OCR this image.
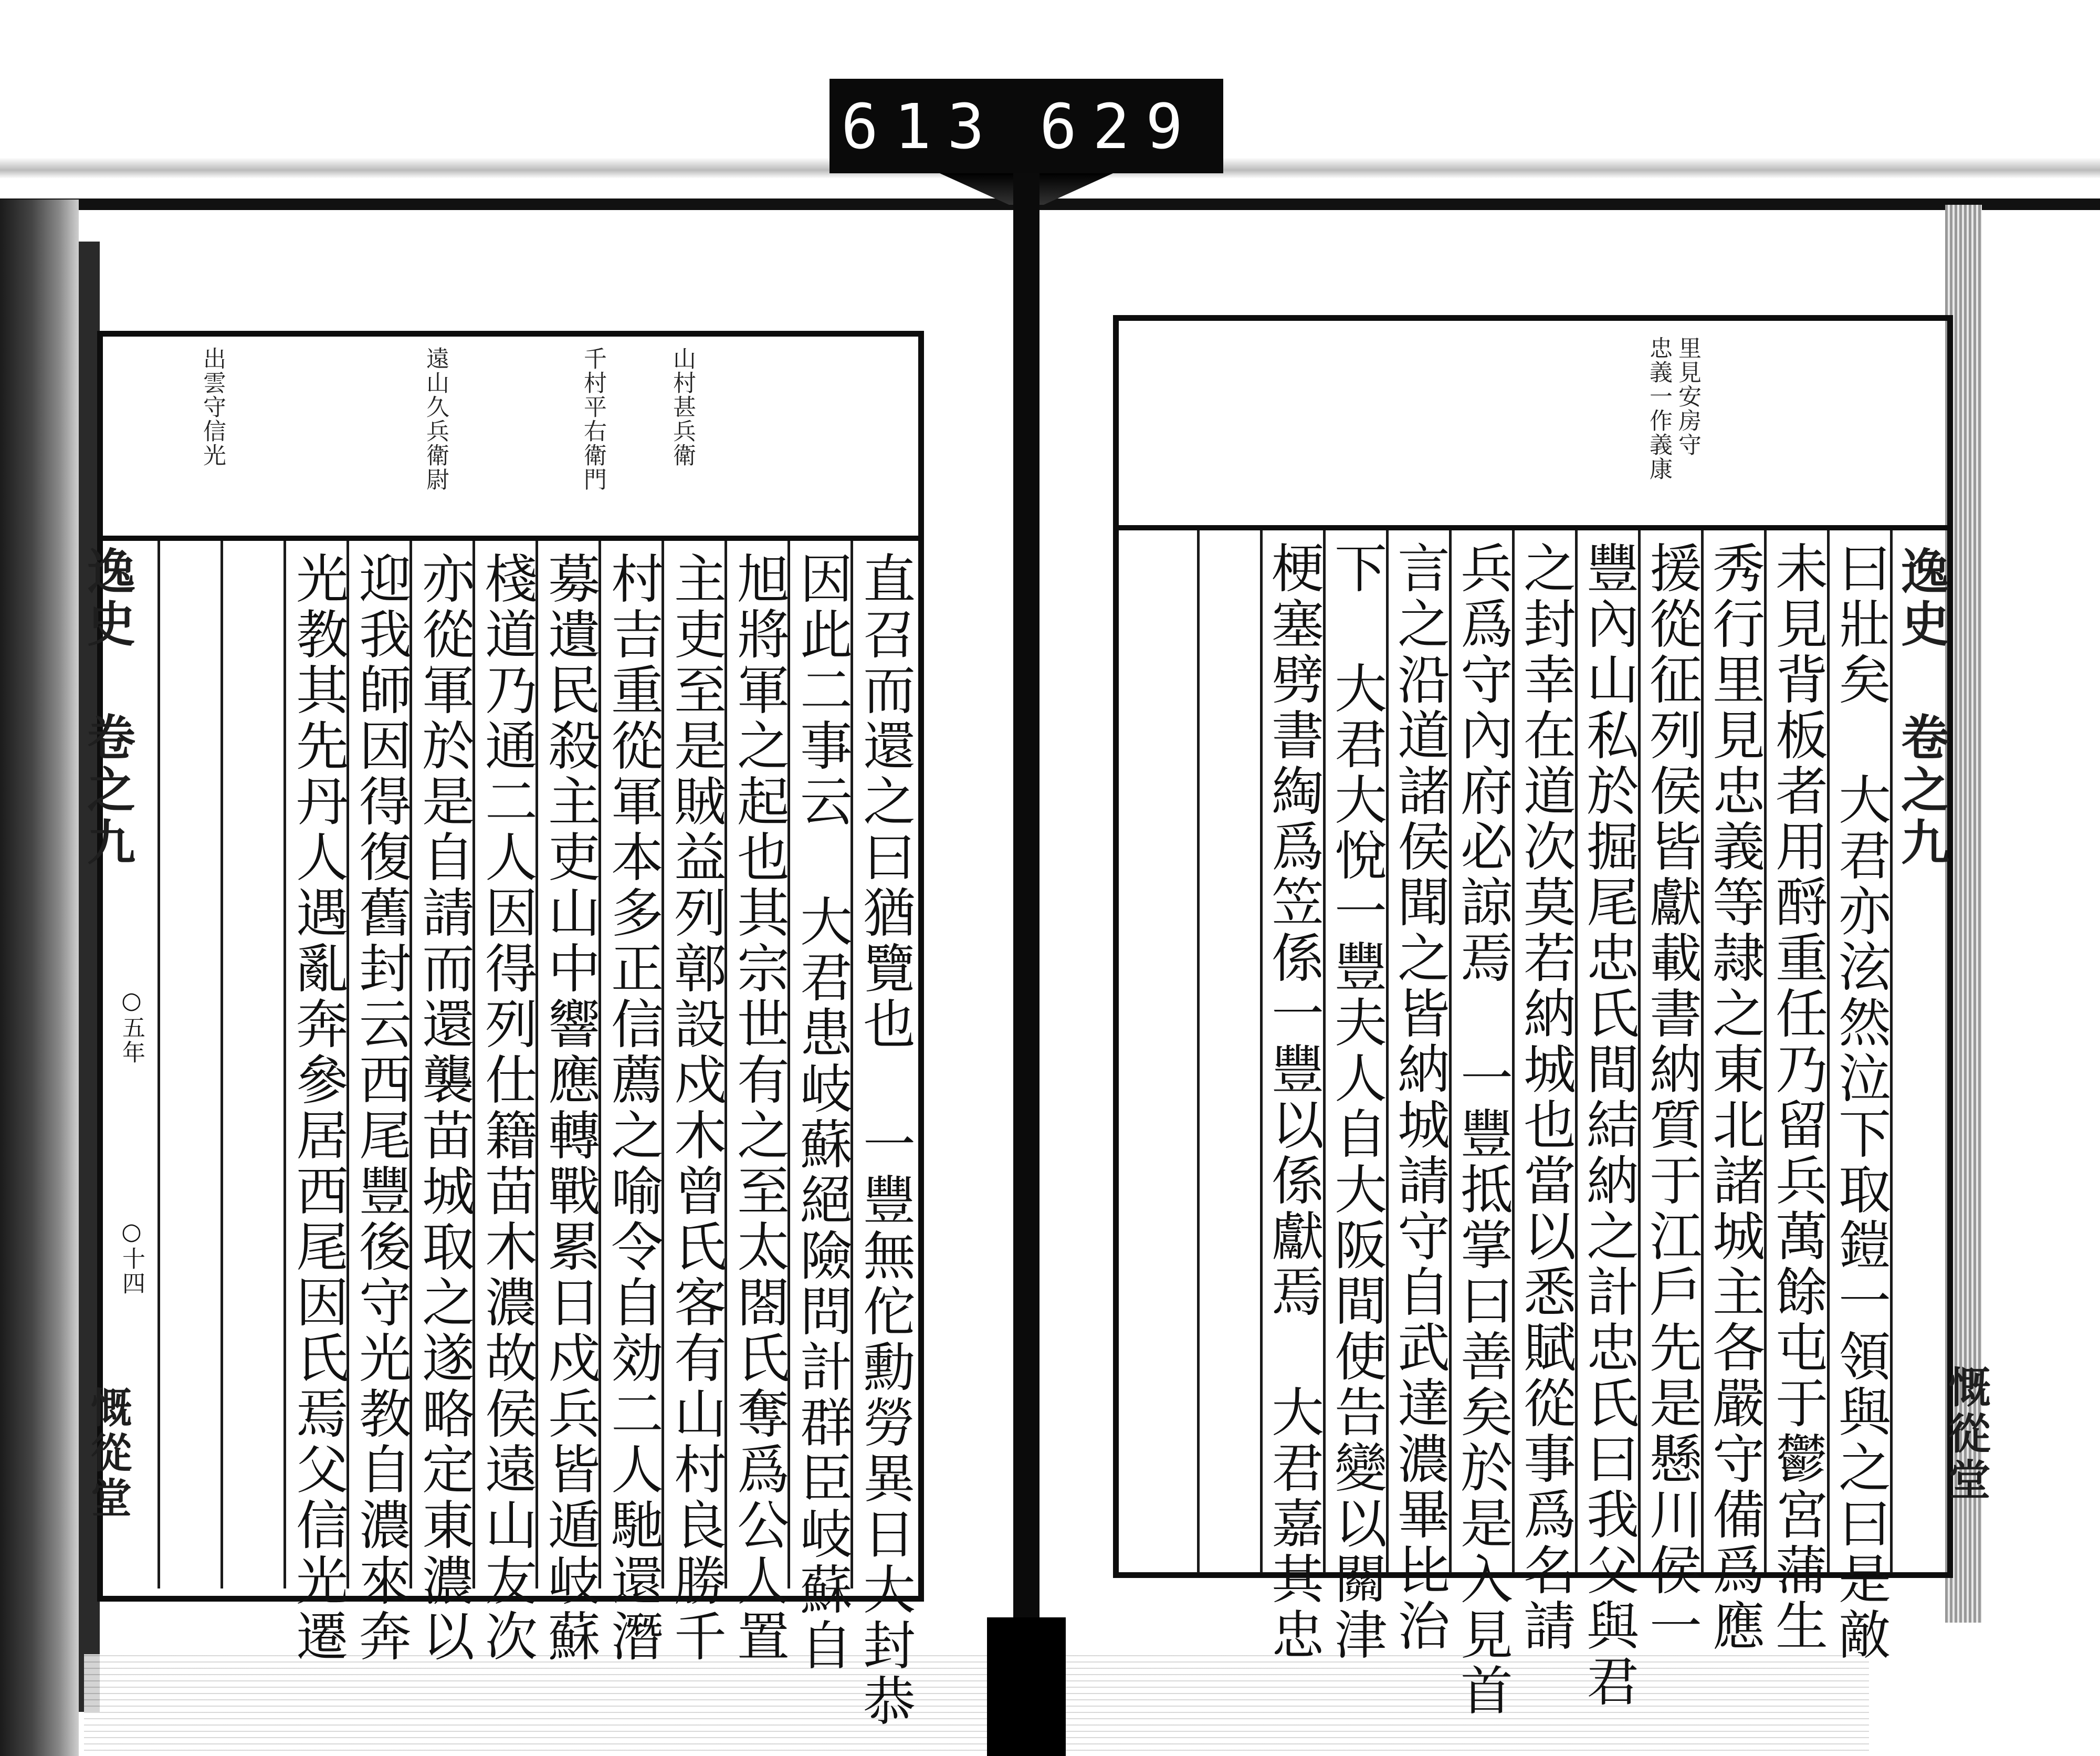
613 629
里見安房守
忠義一作義康
逸史 卷之九
慨從堂
曰壯矣 大君亦泫然泣下取鎧一領與之曰是敵
未見背板者用酹重任乃留兵萬餘屯于鬱宮蒲生
秀行里見忠義等隷之東北諸城主各嚴守備爲應
援從征列侯皆獻載書納質于江戶先是懸川侯一
豐內山私於掘尾忠氏間結納之計忠氏曰我父與君
之封幸在道次莫若納城也當以悉賦從事爲名請
兵爲守內府必諒焉 一豐抵掌曰善矣於是入見首
言之沿道諸侯聞之皆納城請守自武達濃畢比治
下 大君大悅一豐夫人自大阪間使告變以關津
梗塞劈書綯爲笠係一豐以係獻焉 大君嘉其忠
山村甚兵衛
千村平右衛門
遠山久兵衛尉
出雲守信光
逸史 卷之九
○五年
○十四
慨從堂	直召而還之曰猶覽也 一豐無佗勳勞異日大封恭
因此二事云 大君患岐蘇絕險問計群臣岐蘇自
旭將軍之起也其宗世有之至太閤氏奪爲公人置
主吏至是賊益列鄣設戍木曾氏客有山村良勝千
村吉重從軍本多正信薦之喻令自効二人馳還潛
募遺民殺主吏山中響應轉戰累日戍兵皆遁岐蘇
棧道乃通二人因得列仕籍苗木濃故侯遠山友次
亦從軍於是自請而還襲苗城取之遂略定東濃以
迎我師因得復舊封云西尾豐後守光教自濃來奔
光教其先丹人遇亂奔參居西尾因氏焉父信光遷
